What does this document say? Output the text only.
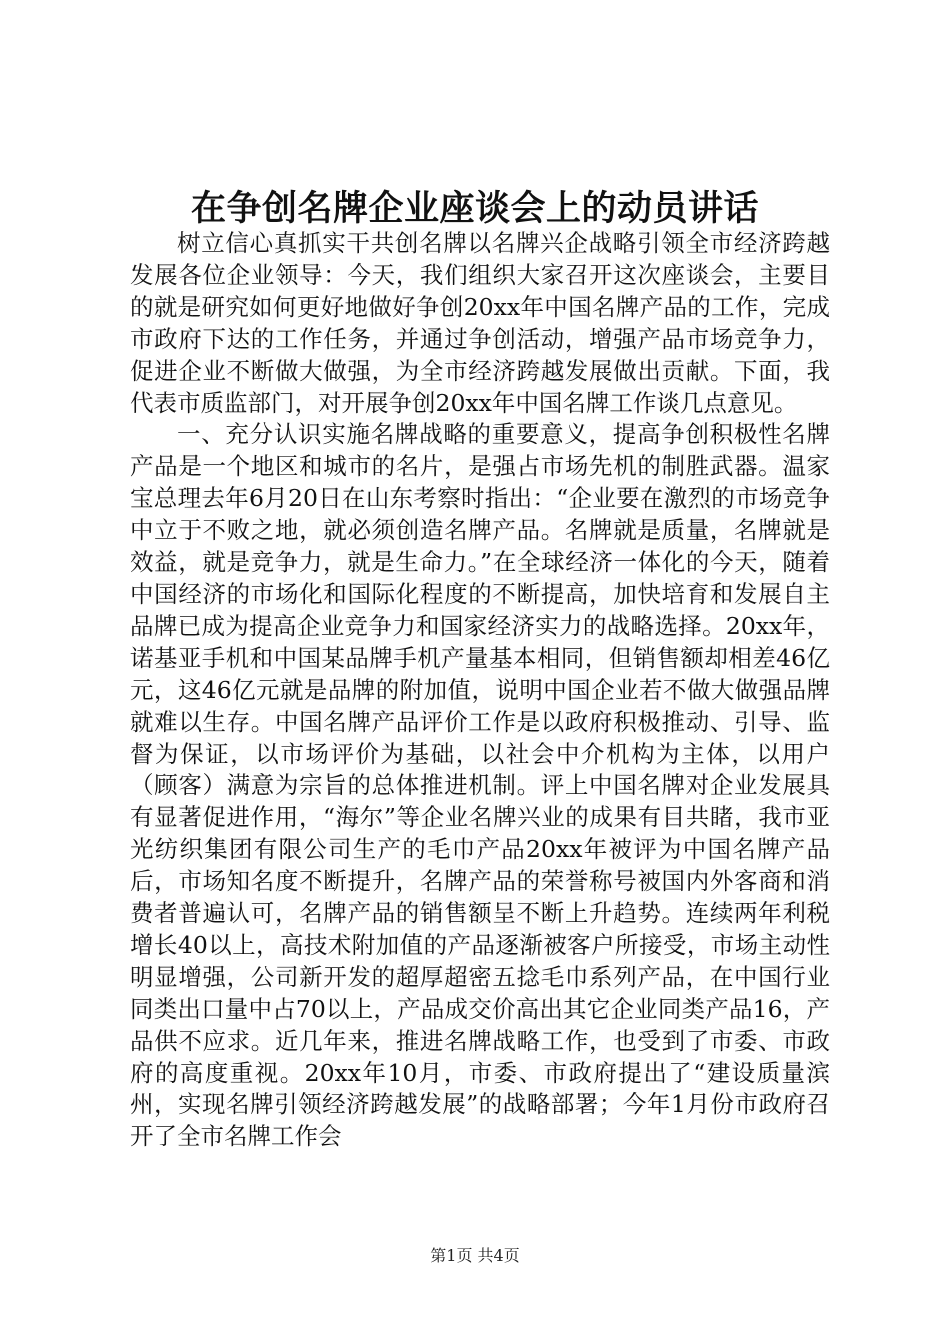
在争创名牌企业座谈会上的动员讲话

树立信心真抓实干共创名牌以名牌兴企战略引领全市经济跨越发展各位企业领导：今天，我们组织大家召开这次座谈会，主要目的就是研究如何更好地做好争创20xx年中国名牌产品的工作，完成市政府下达的工作任务，并通过争创活动，增强产品市场竞争力，促进企业不断做大做强，为全市经济跨越发展做出贡献。下面，我代表市质监部门，对开展争创20xx年中国名牌工作谈几点意见。

一、充分认识实施名牌战略的重要意义，提高争创积极性名牌产品是一个地区和城市的名片，是强占市场先机的制胜武器。温家宝总理去年6月20日在山东考察时指出：“企业要在激烈的市场竞争中立于不败之地，就必须创造名牌产品。名牌就是质量，名牌就是效益，就是竞争力，就是生命力。”在全球经济一体化的今天，随着中国经济的市场化和国际化程度的不断提高，加快培育和发展自主品牌已成为提高企业竞争力和国家经济实力的战略选择。20xx年，诺基亚手机和中国某品牌手机产量基本相同，但销售额却相差46亿元，这46亿元就是品牌的附加值，说明中国企业若不做大做强品牌就难以生存。中国名牌产品评价工作是以政府积极推动、引导、监督为保证，以市场评价为基础，以社会中介机构为主体，以用户（顾客）满意为宗旨的总体推进机制。评上中国名牌对企业发展具有显著促进作用，“海尔”等企业名牌兴业的成果有目共睹，我市亚光纺织集团有限公司生产的毛巾产品20xx年被评为中国名牌产品后，市场知名度不断提升，名牌产品的荣誉称号被国内外客商和消费者普遍认可，名牌产品的销售额呈不断上升趋势。连续两年利税增长40以上，高技术附加值的产品逐渐被客户所接受，市场主动性明显增强，公司新开发的超厚超密五捻毛巾系列产品，在中国行业同类出口量中占70以上，产品成交价高出其它企业同类产品16，产品供不应求。近几年来，推进名牌战略工作，也受到了市委、市政府的高度重视。20xx年10月，市委、市政府提出了“建设质量滨州，实现名牌引领经济跨越发展”的战略部署；今年1月份市政府召开了全市名牌工作会

第1页 共4页
